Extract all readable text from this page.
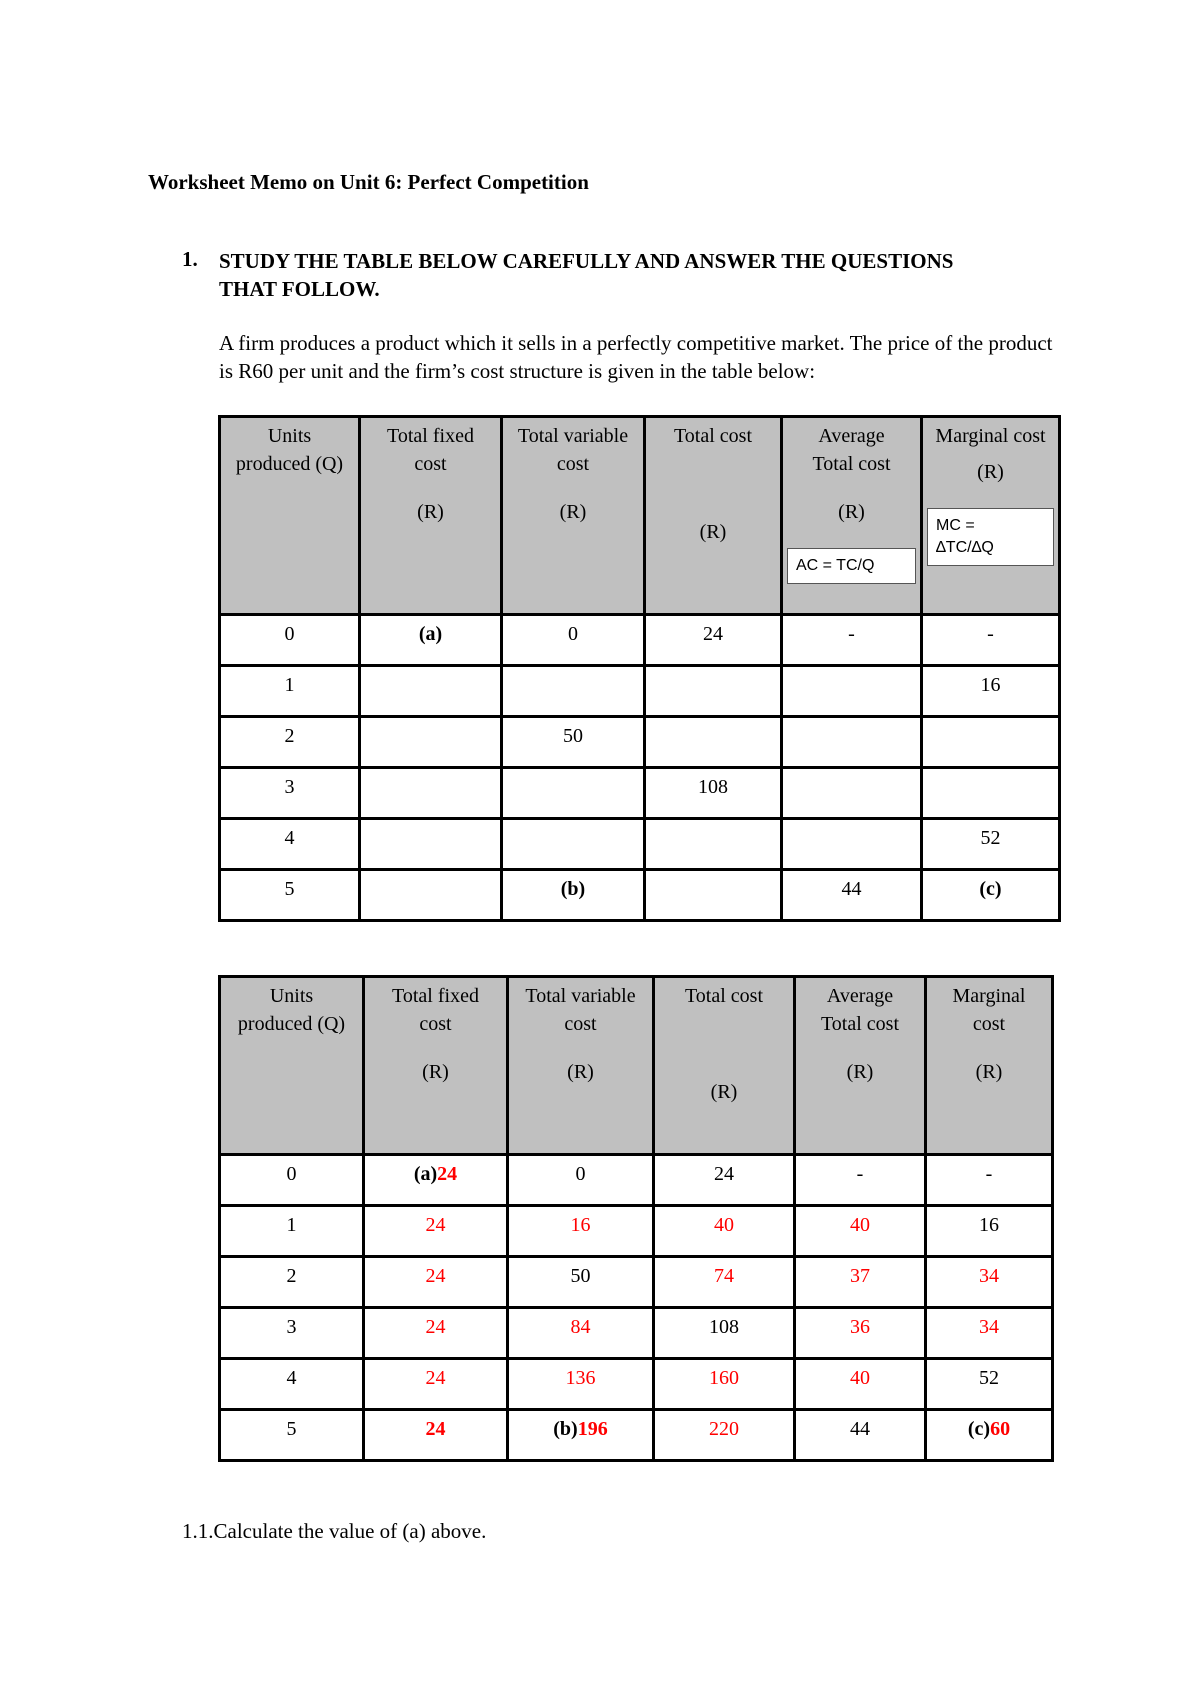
Worksheet Memo on Unit 6: Perfect Competition
1. STUDY THE TABLE BELOW CAREFULLY AND ANSWER THE QUESTIONS THAT FOLLOW.
A firm produces a product which it sells in a perfectly competitive market. The price of the product is R60 per unit and the firm’s cost structure is given in the table below:
Units
produced (Q)	Total fixed
cost
(R)	Total variable
cost
(R)	Total cost
(R)	Average
Total cost
(R)
AC = TC/Q	Marginal cost
(R)
MC =
∆TC/∆Q

0	(a)	0	24	-	-
1					16
2		50			
3			108		
4					52
5		(b)		44	(c)
Units
produced (Q)	Total fixed
cost
(R)	Total variable
cost
(R)	Total cost
(R)	Average
Total cost
(R)	Marginal
cost
(R)

0	(a)24	0	24	-	-
1	24	16	40	40	16
2	24	50	74	37	34
3	24	84	108	36	34
4	24	136	160	40	52
5	24	(b)196	220	44	(c)60
1.1.Calculate the value of (a) above.
